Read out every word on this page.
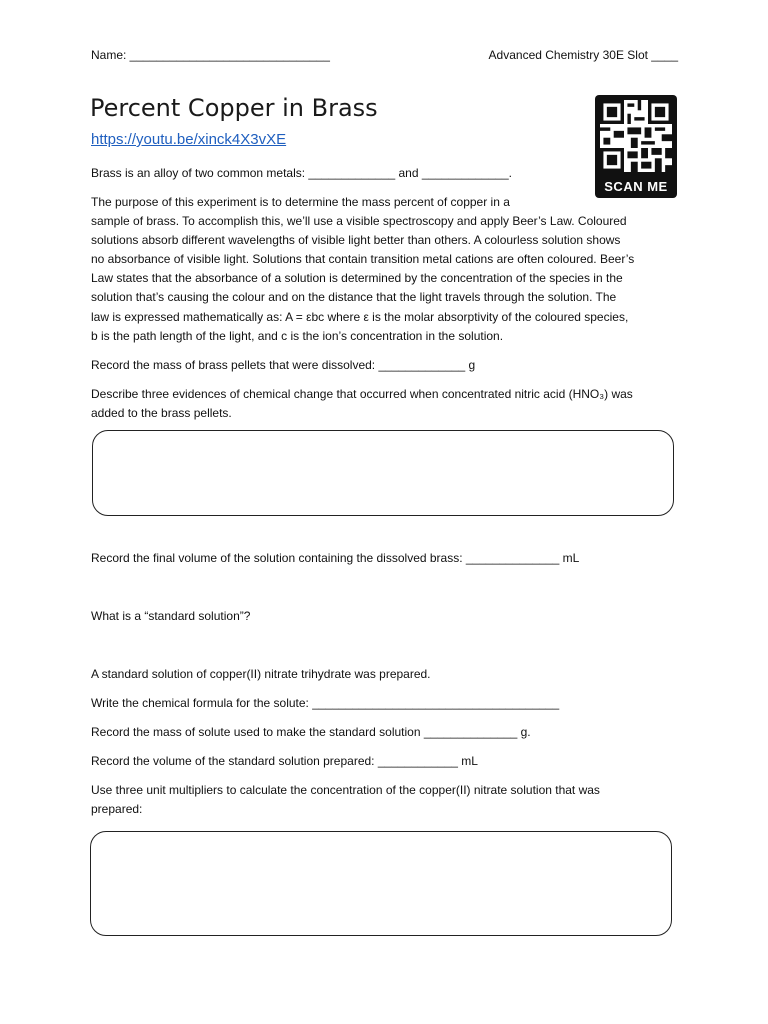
Name: ______________________________	Advanced Chemistry 30E Slot ____
Percent Copper in Brass
https://youtu.be/xinck4X3vXE
SCAN ME
Brass is an alloy of two common metals: _____________ and _____________.
The purpose of this experiment is to determine the mass percent of copper in a
sample of brass. To accomplish this, we’ll use a visible spectroscopy and apply Beer’s Law. Coloured
solutions absorb different wavelengths of visible light better than others. A colourless solution shows
no absorbance of visible light. Solutions that contain transition metal cations are often coloured. Beer’s
Law states that the absorbance of a solution is determined by the concentration of the species in the
solution that’s causing the colour and on the distance that the light travels through the solution. The
law is expressed mathematically as: A = εbc where ε is the molar absorptivity of the coloured species,
b is the path length of the light, and c is the ion’s concentration in the solution.
Record the mass of brass pellets that were dissolved: _____________ g
Describe three evidences of chemical change that occurred when concentrated nitric acid (HNO₃) was
added to the brass pellets.
Record the final volume of the solution containing the dissolved brass: ______________ mL
What is a “standard solution”?
A standard solution of copper(II) nitrate trihydrate was prepared.
Write the chemical formula for the solute: _____________________________________
Record the mass of solute used to make the standard solution ______________ g.
Record the volume of the standard solution prepared: ____________ mL
Use three unit multipliers to calculate the concentration of the copper(II) nitrate solution that was
prepared:
